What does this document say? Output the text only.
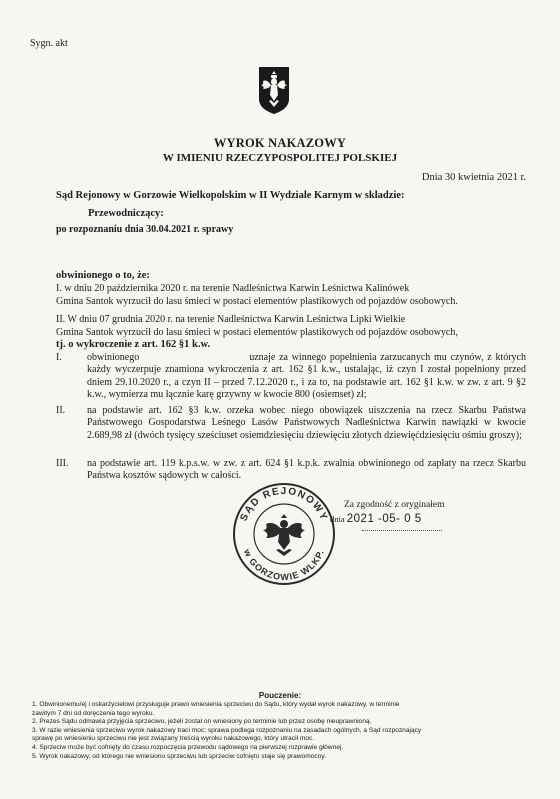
Sygn. akt
WYROK NAKAZOWY
W IMIENIU RZECZYPOSPOLITEJ POLSKIEJ
Dnia 30 kwietnia 2021 r.
Sąd Rejonowy w Gorzowie Wielkopolskim w II Wydziale Karnym w składzie:
Przewodniczący:
po rozpoznaniu dnia 30.04.2021 r. sprawy
obwinionego o to, że:
I. w dniu 20 października 2020 r. na terenie Nadleśnictwa Karwin Leśnictwa Kalinówek
Gmina Santok wyrzucił do lasu śmieci w postaci elementów plastikowych od pojazdów osobowych.
II. W dniu 07 grudnia 2020 r. na terenie Nadleśnictwa Karwin Leśnictwa Lipki Wielkie
Gmina Santok wyrzucił do lasu śmieci w postaci elementów plastikowych od pojazdów osobowych,
tj. o wykroczenie z art. 162 §1 k.w.
I.	obwinionego	uznaje za winnego popełnienia zarzucanych mu czynów, z których każdy wyczerpuje znamiona wykroczenia z art. 162 §1 k.w., ustalając, iż czyn I został popełniony przed dniem 29.10.2020 r., a czyn II – przed 7.12.2020 r., i za to, na podstawie art. 162 §1 k.w. w zw. z art. 9 §2 k.w., wymierza mu łącznie karę grzywny w kwocie 800 (osiemset) zł;
II. na podstawie art. 162 §3 k.w. orzeka wobec niego obowiązek uiszczenia na rzecz Skarbu Państwa Państwowego Gospodarstwa Leśnego Lasów Państwowych Nadleśnictwa Karwin nawiązki w kwocie 2.689,98 zł (dwóch tysięcy sześciuset osiemdziesięciu dziewięciu złotych dziewięćdziesięciu ośmiu groszy);
III. na podstawie art. 119 k.p.s.w. w zw. z art. 624 §1 k.p.k. zwalnia obwinionego od zapłaty na rzecz Skarbu Państwa kosztów sądowych w całości.
SĄD REJONOWY
w GORZOWIE WLKP.
Za zgodność z oryginałem
dnia 2021 -05- 0 5
Pouczenie:
1. Obwinionemu/ej i oskarżycielowi przysługuje prawo wniesienia sprzeciwu do Sądu, który wydał wyrok nakazowy, w terminie
zawitym 7 dni od doręczenia tego wyroku.
2. Prezes Sądu odmawia przyjęcia sprzeciwu, jeżeli został on wniesiony po terminie lub przez osobę nieuprawnioną.
3. W razie wniesienia sprzeciwu wyrok nakazowy traci moc; sprawa podlega rozpoznaniu na zasadach ogólnych, a Sąd rozpoznający
sprawę po wniesieniu sprzeciwu nie jest związany treścią wyroku nakazowego, który utracił moc.
4. Sprzeciw może być cofnięty do czasu rozpoczęcia przewodu sądowego na pierwszej rozprawie głównej.
5. Wyrok nakazowy, od którego nie wniesiono sprzeciwu lub sprzeciw cofnięto staje się prawomocny.
